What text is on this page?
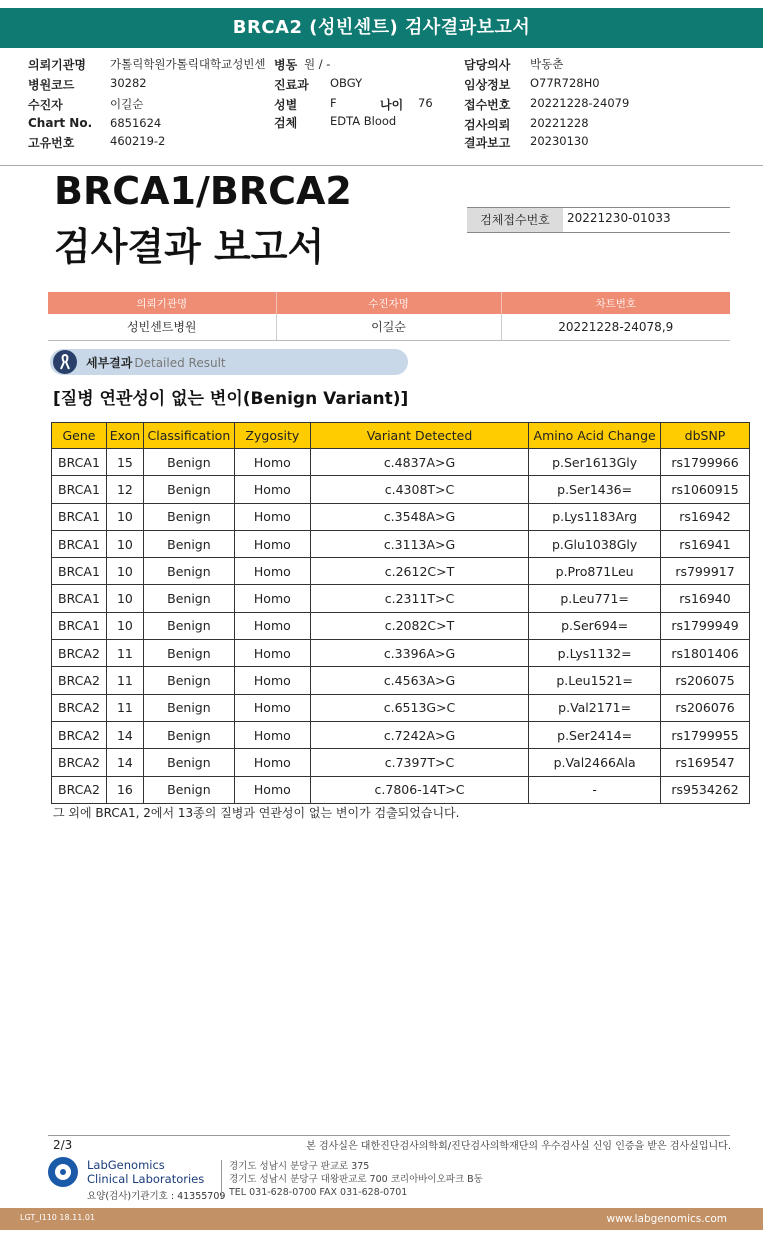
BRCA2 (성빈센트) 검사결과보고서
의뢰기관명 가톨릭학원가톨릭대학교성빈센 병동 원 / -
병원코드	30282	진료과 OBGY
수진자	이길순	성별	F	나이 76
Chart No. 6851624	검체	EDTA Blood
고유번호	460219-2
담당의사 박동춘
임상정보 O77R728H0
접수번호 20221228-24079
검사의뢰 20221228
결과보고 20230130
BRCA1/BRCA2
검사결과 보고서
검체접수번호	20221230-01033
의뢰기관명	수진자명	차트번호
성빈센트병원	이길순	20221228-24078,9
세부결과 Detailed Result
[질병 연관성이 없는 변이(Benign Variant)]
Gene	Exon	Classification	Zygosity	Variant Detected	Amino Acid Change	dbSNP
BRCA1	15	Benign	Homo	c.4837A>G	p.Ser1613Gly	rs1799966
BRCA1	12	Benign	Homo	c.4308T>C	p.Ser1436=	rs1060915
BRCA1	10	Benign	Homo	c.3548A>G	p.Lys1183Arg	rs16942
BRCA1	10	Benign	Homo	c.3113A>G	p.Glu1038Gly	rs16941
BRCA1	10	Benign	Homo	c.2612C>T	p.Pro871Leu	rs799917
BRCA1	10	Benign	Homo	c.2311T>C	p.Leu771=	rs16940
BRCA1	10	Benign	Homo	c.2082C>T	p.Ser694=	rs1799949
BRCA2	11	Benign	Homo	c.3396A>G	p.Lys1132=	rs1801406
BRCA2	11	Benign	Homo	c.4563A>G	p.Leu1521=	rs206075
BRCA2	11	Benign	Homo	c.6513G>C	p.Val2171=	rs206076
BRCA2	14	Benign	Homo	c.7242A>G	p.Ser2414=	rs1799955
BRCA2	14	Benign	Homo	c.7397T>C	p.Val2466Ala	rs169547
BRCA2	16	Benign	Homo	c.7806-14T>C	-	rs9534262
그 외에 BRCA1, 2에서 13종의 질병과 연관성이 없는 변이가 검출되었습니다.
2/3	본 검사실은 대한진단검사의학회/진단검사의학재단의 우수검사실 신임 인증을 받은 검사실입니다.
LabGenomics
Clinical Laboratories
요양(검사)기관기호 : 41355709
경기도 성남시 분당구 판교로 375
경기도 성남시 분당구 대왕판교로 700 코리아바이오파크 B동
TEL 031-628-0700 FAX 031-628-0701
LGT_I110 18.11.01	www.labgenomics.com
